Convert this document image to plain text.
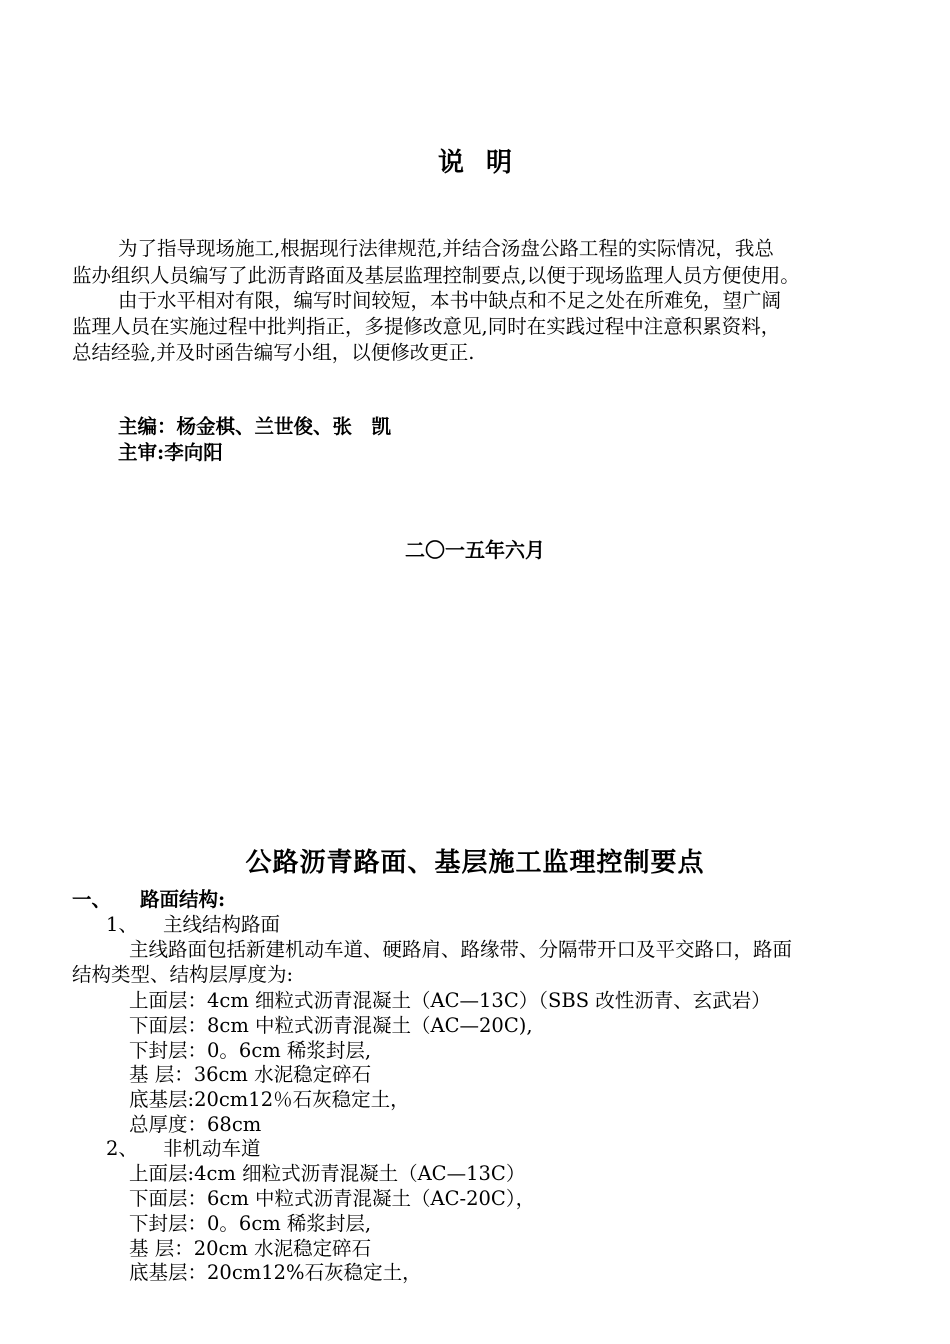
说明
为了指导现场施工,根据现行法律规范,并结合汤盘公路工程的实际情况，我总
监办组织人员编写了此沥青路面及基层监理控制要点,以便于现场监理人员方便使用。
由于水平相对有限，编写时间较短，本书中缺点和不足之处在所难免，望广阔
监理人员在实施过程中批判指正，多提修改意见,同时在实践过程中注意积累资料，
总结经验,并及时函告编写小组，以便修改更正.
主编：杨金棋、兰世俊、张　凯
主审:李向阳
二〇一五年六月
公路沥青路面、基层施工监理控制要点
一、 路面结构:
1、 主线结构路面
主线路面包括新建机动车道、硬路肩、路缘带、分隔带开口及平交路口，路面
结构类型、结构层厚度为:
上面层：4cm 细粒式沥青混凝土（AC—13C）（SBS 改性沥青、玄武岩）
下面层：8cm 中粒式沥青混凝土（AC—20C),
下封层：0。6cm 稀浆封层,
基 层：36cm 水泥稳定碎石
底基层:20cm12％石灰稳定土，
总厚度：68cm
2、 非机动车道
上面层:4cm 细粒式沥青混凝土（AC—13C）
下面层：6cm 中粒式沥青混凝土（AC-20C），
下封层：0。6cm 稀浆封层,
基 层：20cm 水泥稳定碎石
底基层：20cm12%石灰稳定土，
